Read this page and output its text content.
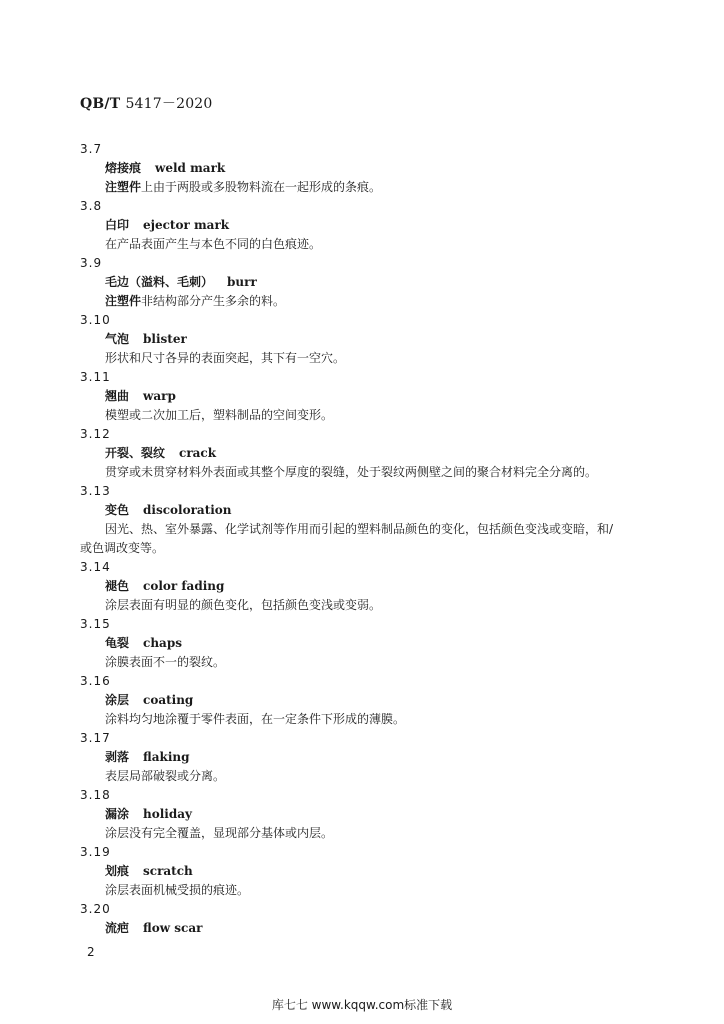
QB/T 5417－2020
3.7
熔接痕 weld mark
注塑件上由于两股或多股物料流在一起形成的条痕。
3.8
白印 ejector mark
在产品表面产生与本色不同的白色痕迹。
3.9
毛边（溢料、毛刺） burr
注塑件非结构部分产生多余的料。
3.10
气泡 blister
形状和尺寸各异的表面突起，其下有一空穴。
3.11
翘曲 warp
模塑或二次加工后，塑料制品的空间变形。
3.12
开裂、裂纹 crack
贯穿或未贯穿材料外表面或其整个厚度的裂缝，处于裂纹两侧壁之间的聚合材料完全分离的。
3.13
变色 discoloration
因光、热、室外暴露、化学试剂等作用而引起的塑料制品颜色的变化，包括颜色变浅或变暗，和/
或色调改变等。
3.14
褪色 color fading
涂层表面有明显的颜色变化，包括颜色变浅或变弱。
3.15
龟裂 chaps
涂膜表面不一的裂纹。
3.16
涂层 coating
涂料均匀地涂覆于零件表面，在一定条件下形成的薄膜。
3.17
剥落 flaking
表层局部破裂或分离。
3.18
漏涂 holiday
涂层没有完全覆盖，显现部分基体或内层。
3.19
划痕 scratch
涂层表面机械受损的痕迹。
3.20
流疤 flow scar
2
库七七 www.kqqw.com标准下载
